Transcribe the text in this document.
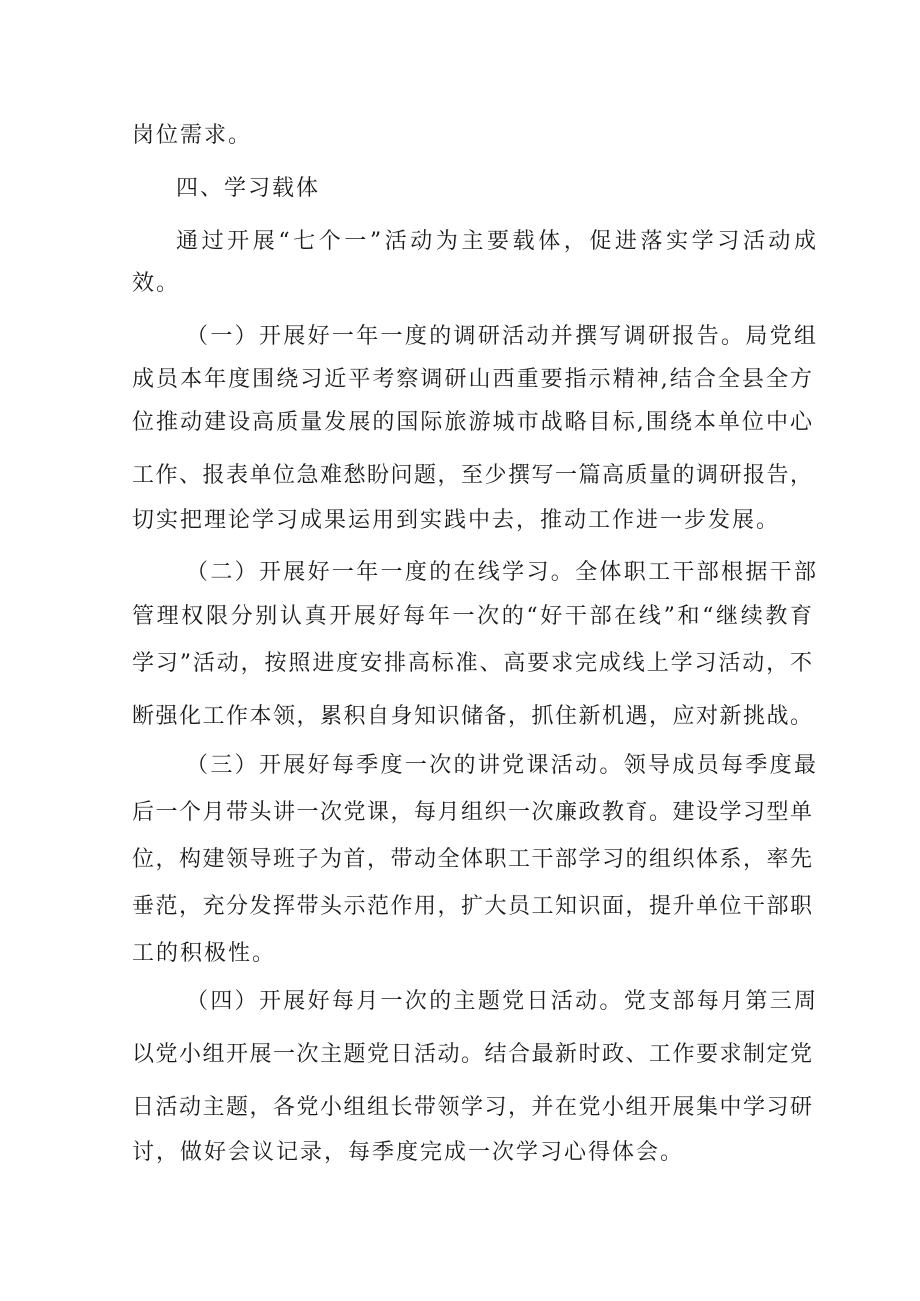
岗位需求。

四、学习载体

通过开展“七个一”活动为主要载体，促进落实学习活动成

效。

（一）开展好一年一度的调研活动并撰写调研报告。局党组

成员本年度围绕习近平考察调研山西重要指示精神,结合全县全方

位推动建设高质量发展的国际旅游城市战略目标,围绕本单位中心

工作、报表单位急难愁盼问题，至少撰写一篇高质量的调研报告，

切实把理论学习成果运用到实践中去，推动工作进一步发展。

（二）开展好一年一度的在线学习。全体职工干部根据干部

管理权限分别认真开展好每年一次的“好干部在线”和“继续教育

学习”活动，按照进度安排高标准、高要求完成线上学习活动，不

断强化工作本领，累积自身知识储备，抓住新机遇，应对新挑战。

（三）开展好每季度一次的讲党课活动。领导成员每季度最

后一个月带头讲一次党课，每月组织一次廉政教育。建设学习型单

位，构建领导班子为首，带动全体职工干部学习的组织体系，率先

垂范，充分发挥带头示范作用，扩大员工知识面，提升单位干部职

工的积极性。

（四）开展好每月一次的主题党日活动。党支部每月第三周

以党小组开展一次主题党日活动。结合最新时政、工作要求制定党

日活动主题，各党小组组长带领学习，并在党小组开展集中学习研

讨，做好会议记录，每季度完成一次学习心得体会。
